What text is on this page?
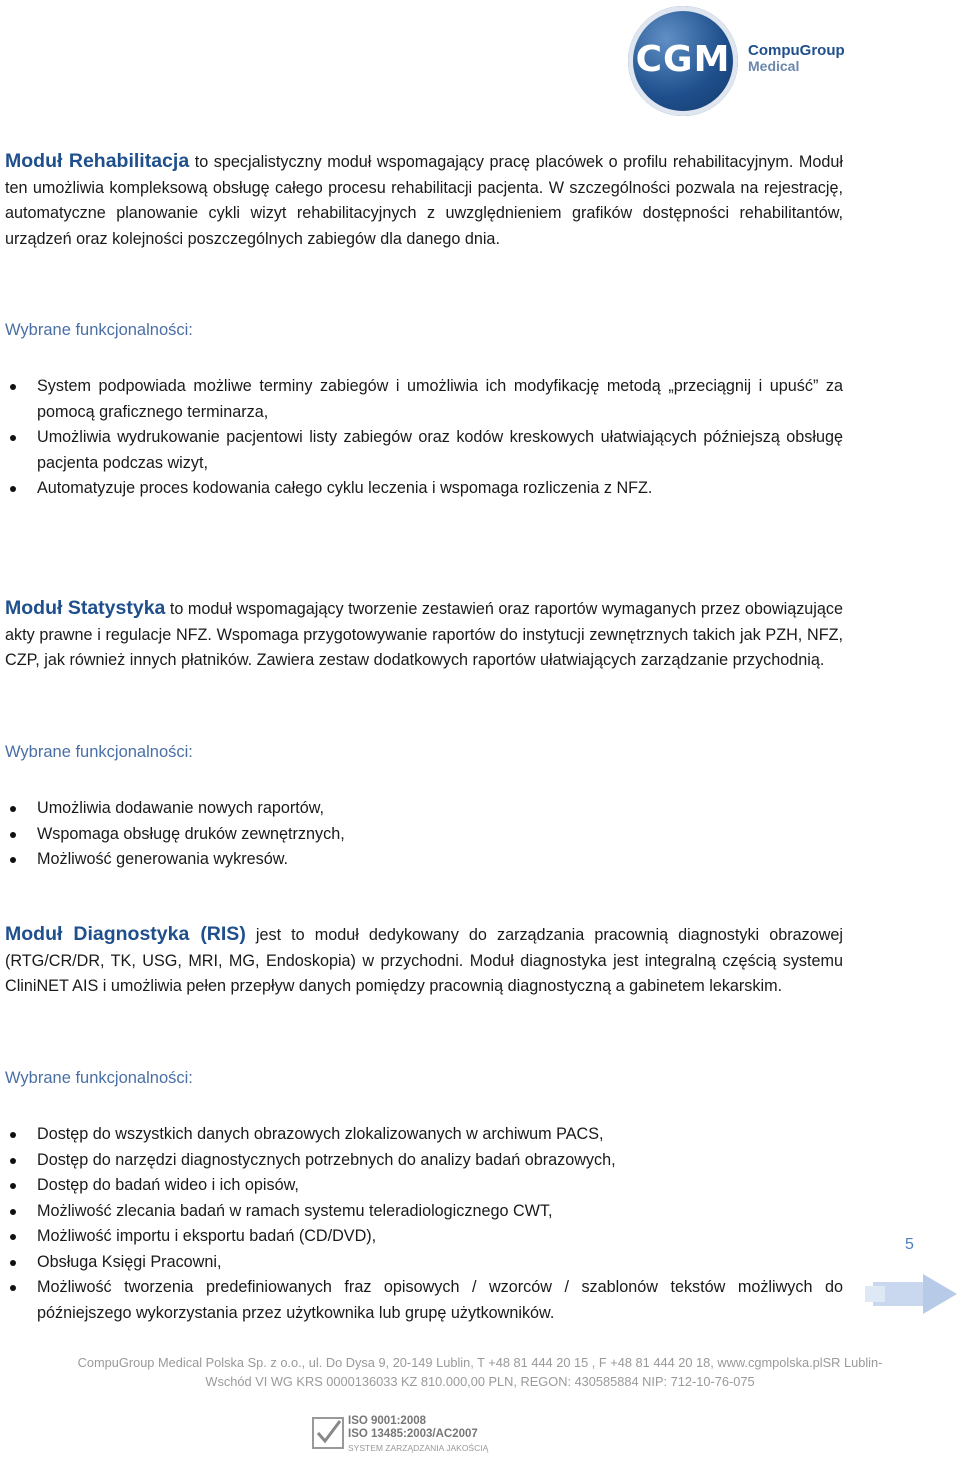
CGM	CompuGroup
Medical

Moduł Rehabilitacja to specjalistyczny moduł wspomagający pracę placówek o profilu rehabilitacyjnym. Moduł ten umożliwia kompleksową obsługę całego procesu rehabilitacji pacjenta. W szczególności pozwala na rejestrację, automatyczne planowanie cykli wizyt rehabilitacyjnych z uwzględnieniem grafików dostępności rehabilitantów, urządzeń oraz kolejności poszczególnych zabiegów dla danego dnia.

Wybrane funkcjonalności:
System podpowiada możliwe terminy zabiegów i umożliwia ich modyfikację metodą „przeciągnij i upuść” za pomocą graficznego terminarza,
Umożliwia wydrukowanie pacjentowi listy zabiegów oraz kodów kreskowych ułatwiających późniejszą obsługę pacjenta podczas wizyt,
Automatyzuje proces kodowania całego cyklu leczenia i wspomaga rozliczenia z NFZ.

Moduł Statystyka to moduł wspomagający tworzenie zestawień oraz raportów wymaganych przez obowiązujące akty prawne i regulacje NFZ. Wspomaga przygotowywanie raportów do instytucji zewnętrznych takich jak PZH, NFZ, CZP, jak również innych płatników. Zawiera zestaw dodatkowych raportów ułatwiających zarządzanie przychodnią.

Wybrane funkcjonalności:
Umożliwia dodawanie nowych raportów,
Wspomaga obsługę druków zewnętrznych,
Możliwość generowania wykresów.

Moduł Diagnostyka (RIS) jest to moduł dedykowany do zarządzania pracownią diagnostyki obrazowej (RTG/CR/DR, TK, USG, MRI, MG, Endoskopia) w przychodni. Moduł diagnostyka jest integralną częścią systemu CliniNET AIS i umożliwia pełen przepływ danych pomiędzy pracownią diagnostyczną a gabinetem lekarskim.

Wybrane funkcjonalności:
Dostęp do wszystkich danych obrazowych zlokalizowanych w archiwum PACS,
Dostęp do narzędzi diagnostycznych potrzebnych do analizy badań obrazowych,
Dostęp do badań wideo i ich opisów,
Możliwość zlecania badań w ramach systemu teleradiologicznego CWT,
Możliwość importu i eksportu badań (CD/DVD),
Obsługa Księgi Pracowni,
Możliwość tworzenia predefiniowanych fraz opisowych / wzorców / szablonów tekstów możliwych do późniejszego wykorzystania przez użytkownika lub grupę użytkowników.
5
CompuGroup Medical Polska Sp. z o.o., ul. Do Dysa 9, 20-149 Lublin, T +48 81 444 20 15 , F +48 81 444 20 18, www.cgmpolska.plSR Lublin-
Wschód VI WG KRS 0000136033 KZ 810.000,00 PLN, REGON: 430585884 NIP: 712-10-76-075
ISO 9001:2008
ISO 13485:2003/AC2007
SYSTEM ZARZĄDZANIA JAKOŚCIĄ
